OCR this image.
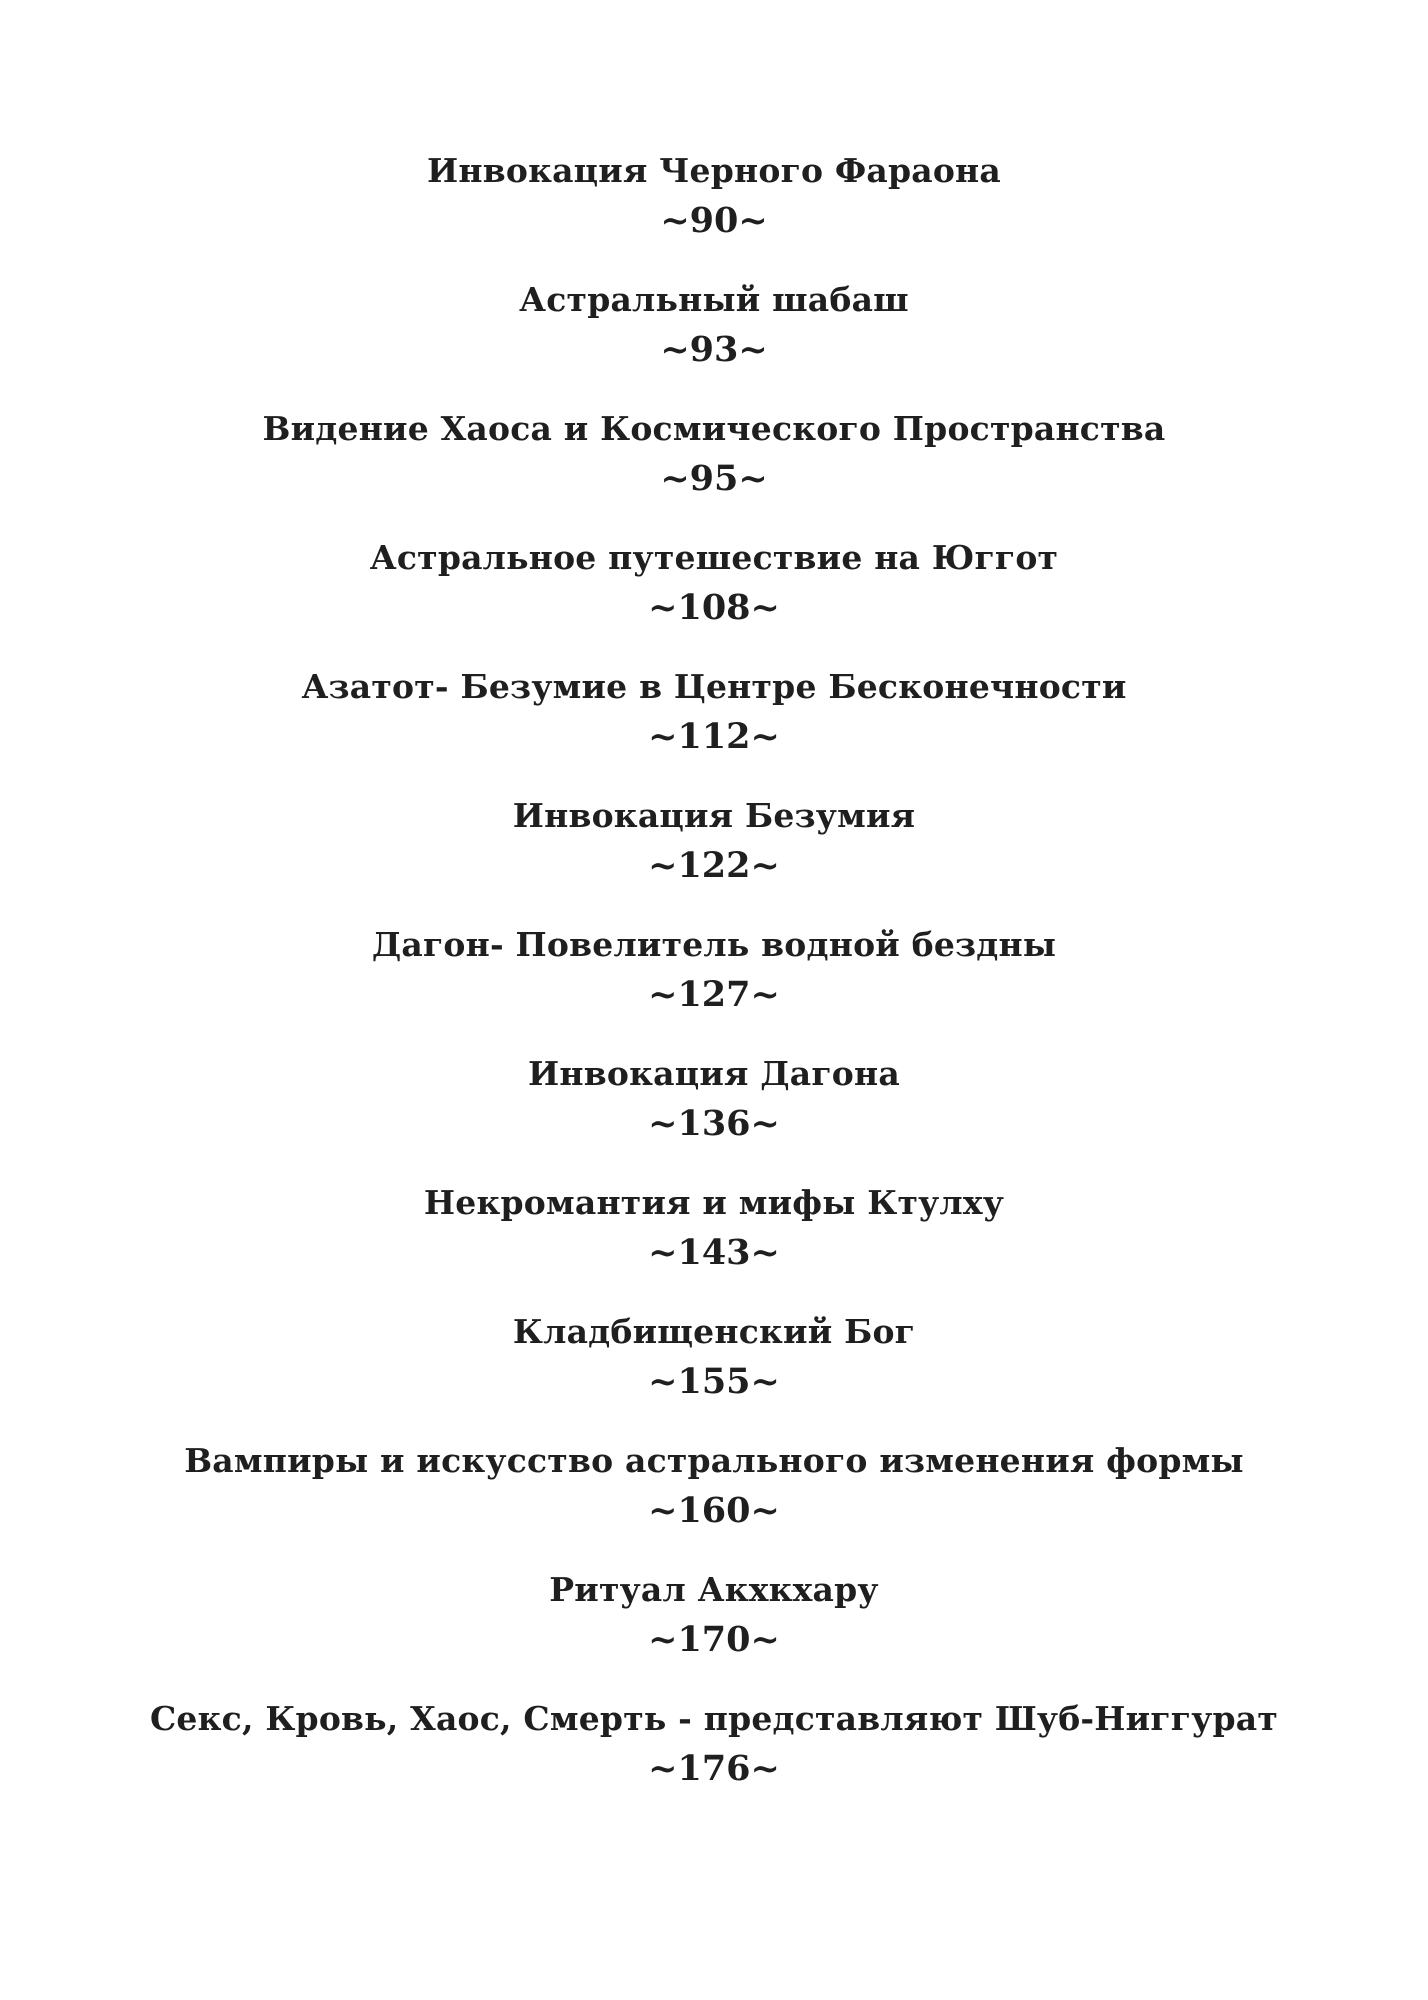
Инвокация Черного Фараона
~90~
Астральный шабаш
~93~
Видение Хаоса и Космического Пространства
~95~
Астральное путешествие на Юггот
~108~
Азатот- Безумие в Центре Бесконечности
~112~
Инвокация Безумия
~122~
Дагон- Повелитель водной бездны
~127~
Инвокация Дагона
~136~
Некромантия и мифы Ктулху
~143~
Кладбищенский Бог
~155~
Вампиры и искусство астрального изменения формы
~160~
Ритуал Акхкхару
~170~
Секс, Кровь, Хаос, Смерть - представляют Шуб-Ниггурат
~176~
